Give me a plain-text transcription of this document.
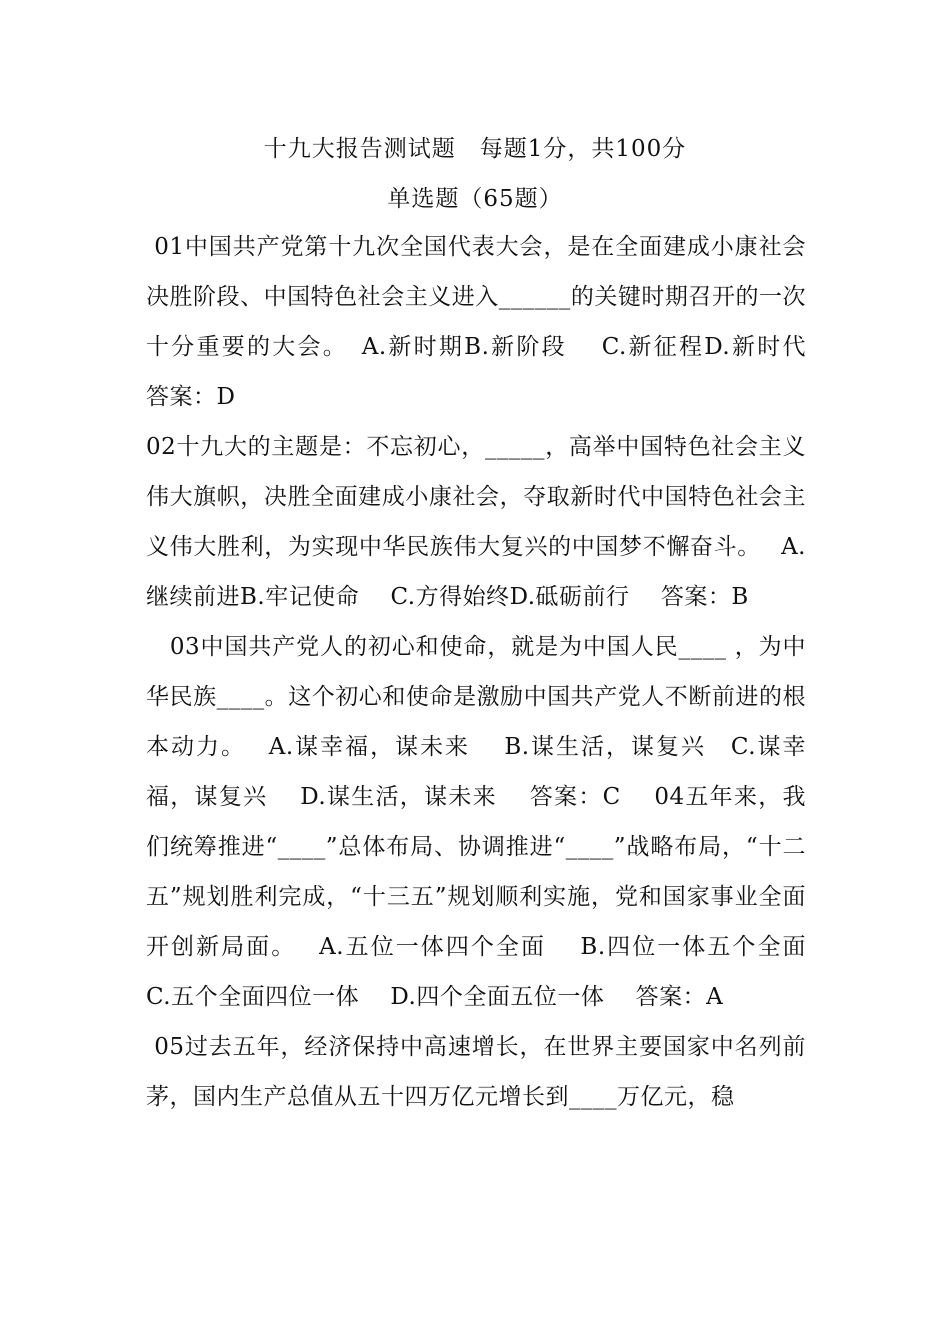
十九大报告测试题　每题1分，共100分
单选题（65题）

01中国共产党第十九次全国代表大会，是在全面建成小康社会决胜阶段、中国特色社会主义进入______的关键时期召开的一次十分重要的大会。　A.新时期B.新阶段　 C.新征程D.新时代　 答案：D

02十九大的主题是：不忘初心，_____，高举中国特色社会主义伟大旗帜，决胜全面建成小康社会，夺取新时代中国特色社会主义伟大胜利，为实现中华民族伟大复兴的中国梦不懈奋斗。　 A.继续前进B.牢记使命　 C.方得始终D.砥砺前行　 答案：B

　03中国共产党人的初心和使命，就是为中国人民____ ，为中华民族____。这个初心和使命是激励中国共产党人不断前进的根本动力。　 A.谋幸福，谋未来　 B.谋生活，谋复兴　C.谋幸福，谋复兴　 D.谋生活，谋未来　 答案：C　 04五年来，我们统筹推进“____”总体布局、协调推进“____”战略布局，“十二五”规划胜利完成，“十三五”规划顺利实施，党和国家事业全面开创新局面。　 A.五位一体四个全面　 B.四位一体五个全面　 C.五个全面四位一体　 D.四个全面五位一体　 答案：A

05过去五年，经济保持中高速增长，在世界主要国家中名列前茅，国内生产总值从五十四万亿元增长到____万亿元，稳
